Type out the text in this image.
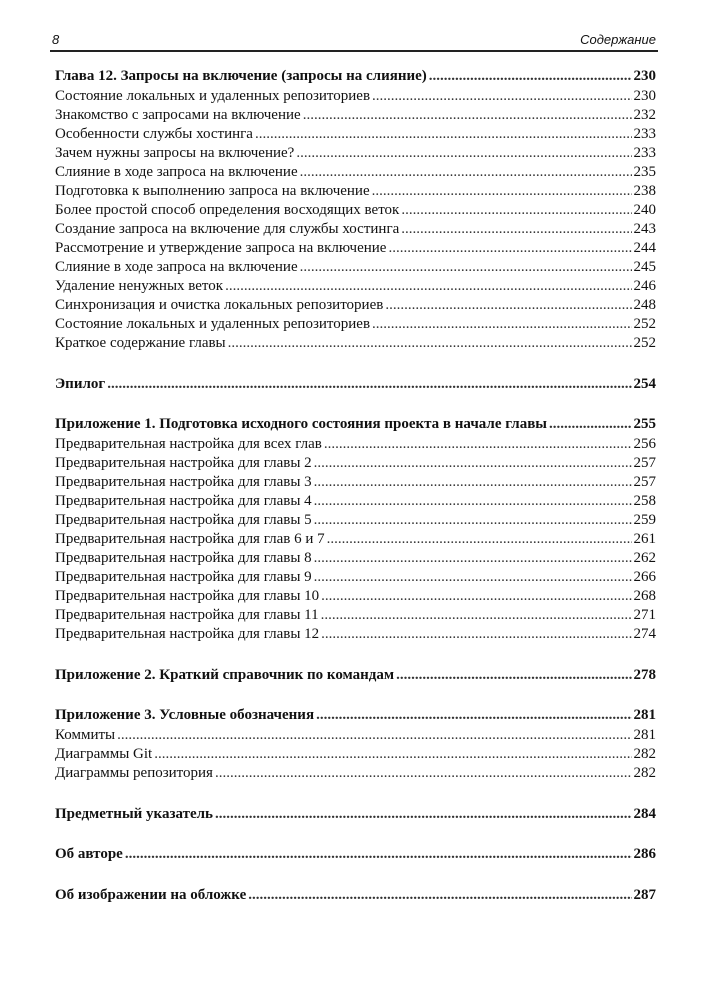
8	Содержание
Глава 12. Запросы на включение (запросы на слияние) .....	230
Состояние локальных и удаленных репозиториев .....	230
Знакомство с запросами на включение .....	232
Особенности службы хостинга .....	233
Зачем нужны запросы на включение? .....	233
Слияние в ходе запроса на включение .....	235
Подготовка к выполнению запроса на включение .....	238
Более простой способ определения восходящих веток .....	240
Создание запроса на включение для службы хостинга .....	243
Рассмотрение и утверждение запроса на включение .....	244
Слияние в ходе запроса на включение .....	245
Удаление ненужных веток .....	246
Синхронизация и очистка локальных репозиториев .....	248
Состояние локальных и удаленных репозиториев .....	252
Краткое содержание главы .....	252
Эпилог .....	254
Приложение 1. Подготовка исходного состояния проекта в начале главы .....	255
Предварительная настройка для всех глав .....	256
Предварительная настройка для главы 2 .....	257
Предварительная настройка для главы 3 .....	257
Предварительная настройка для главы 4 .....	258
Предварительная настройка для главы 5 .....	259
Предварительная настройка для глав 6 и 7 .....	261
Предварительная настройка для главы 8 .....	262
Предварительная настройка для главы 9 .....	266
Предварительная настройка для главы 10 .....	268
Предварительная настройка для главы 11 .....	271
Предварительная настройка для главы 12 .....	274
Приложение 2. Краткий справочник по командам .....	278
Приложение 3. Условные обозначения .....	281
Коммиты .....	281
Диаграммы Git .....	282
Диаграммы репозитория .....	282
Предметный указатель .....	284
Об авторе .....	286
Об изображении на обложке .....	287
